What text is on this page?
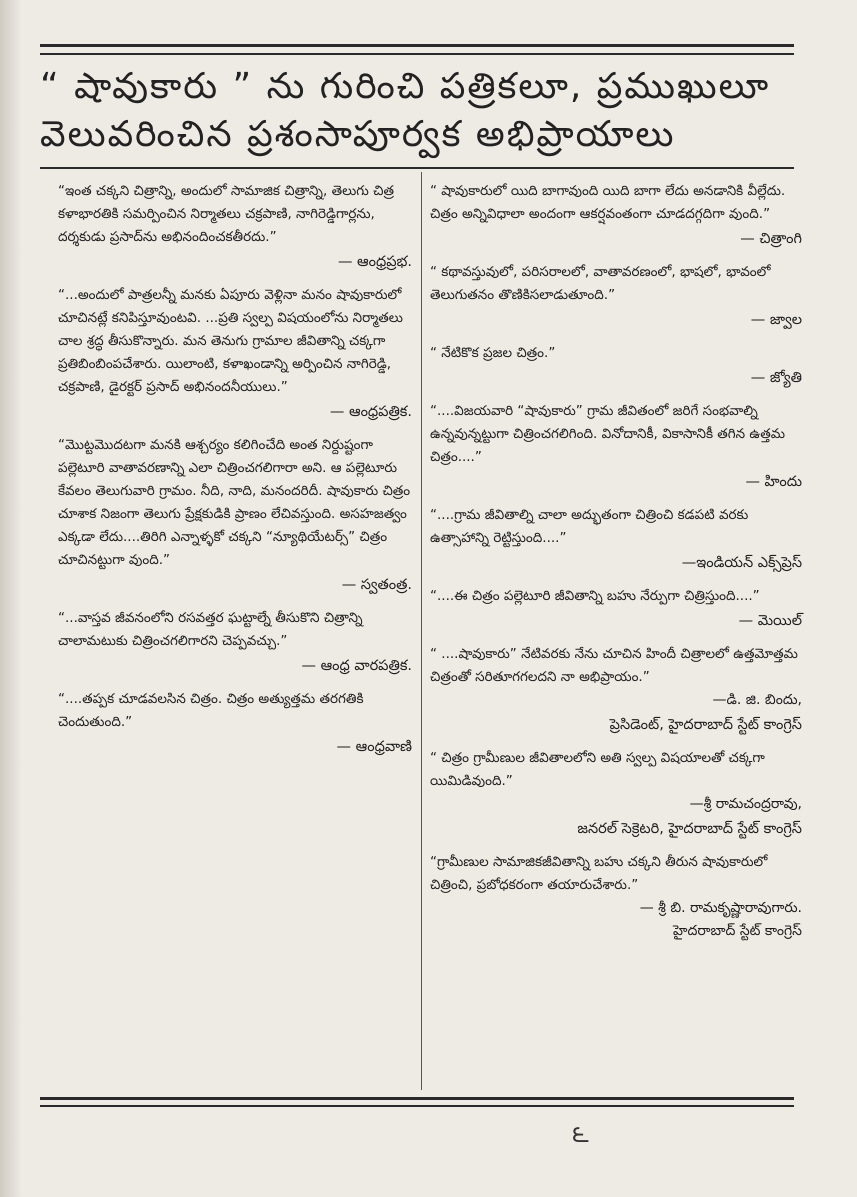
“ షావుకారు ” ను గురించి పత్రికలూ, ప్రముఖులూ
వెలువరించిన ప్రశంసాపూర్వక అభిప్రాయాలు

“ఇంత చక్కని చిత్రాన్ని, అందులో సామాజిక చిత్రాన్ని, తెలుగు చిత్ర కళాభారతికి సమర్పించిన నిర్మాతలు చక్రపాణి, నాగిరెడ్డిగార్లను, దర్శకుడు ప్రసాద్‌ను అభినందించకతీరదు.”

— ఆంధ్రప్రభ.

“...అందులో పాత్రలన్నీ మనకు ఏపూరు వెళ్లినా మనం షావుకారులో చూచినట్లే కనిపిస్తూవుంటవి. ...ప్రతి స్వల్ప విషయంలోను నిర్మాతలు చాల శ్రద్ధ తీసుకొన్నారు. మన తెనుగు గ్రామాల జీవితాన్ని చక్కగా ప్రతిబింబింపచేశారు. యిలాంటి, కళాఖండాన్ని అర్పించిన నాగిరెడ్డి, చక్రపాణి, డైరక్టర్ ప్రసాద్ అభినందనీయులు.”

— ఆంధ్రపత్రిక.

“మొట్టమొదటగా మనకి ఆశ్చర్యం కలిగించేది అంత నిర్దుష్టంగా పల్లెటూరి వాతావరణాన్ని ఎలా చిత్రించగలిగారా అని. ఆ పల్లెటూరు కేవలం తెలుగువారి గ్రామం. నీది, నాది, మనందరిదీ. షావుకారు చిత్రం చూశాక నిజంగా తెలుగు ప్రేక్షకుడికి ప్రాణం లేచివస్తుంది. అసహజత్వం ఎక్కడా లేదు....తిరిగి ఎన్నాళ్ళకో చక్కని “న్యూథియేటర్స్” చిత్రం చూచినట్టుగా వుంది.”

— స్వతంత్ర.

“...వాస్తవ జీవనంలోని రసవత్తర ఘట్టాల్నే తీసుకొని చిత్రాన్ని చాలామటుకు చిత్రించగలిగారని చెప్పవచ్చు.”

— ఆంధ్ర వారపత్రిక.

“....తప్పక చూడవలసిన చిత్రం. చిత్రం అత్యుత్తమ తరగతికి చెందుతుంది.”

— ఆంధ్రవాణి

“ షావుకారులో యిది బాగావుంది యిది బాగా లేదు అనడానికి వీల్లేదు. చిత్రం అన్నివిధాలా అందంగా ఆకర్షవంతంగా చూడదగ్గదిగా వుంది.”

— చిత్రాంగి

“ కథావస్తువులో, పరిసరాలలో, వాతావరణంలో, భాషలో, భావంలో తెలుగుతనం తొణికిసలాడుతూంది.”

— జ్వాల

“ నేటికొక ప్రజల చిత్రం.”

— జ్యోతి

“....విజయవారి “షావుకారు” గ్రామ జీవితంలో జరిగే సంభవాల్ని ఉన్నవున్నట్టుగా చిత్రించగలిగింది. వినోదానికీ, వికాసానికీ తగిన ఉత్తమ చిత్రం....”

— హిందు

“....గ్రామ జీవితాల్ని చాలా అద్భుతంగా చిత్రించి కడపటి వరకు ఉత్సాహాన్ని రెట్టిస్తుంది....”

—ఇండియన్ ఎక్స్‌ప్రెస్

“....ఈ చిత్రం పల్లెటూరి జీవితాన్ని బహు నేర్పుగా చిత్రిస్తుంది....”

— మెయిల్

“ ....షావుకారు” నేటివరకు నేను చూచిన హిందీ చిత్రాలలో ఉత్తమోత్తమ చిత్రంతో సరితూగగలదని నా అభిప్రాయం.”

—డి. జి. బిందు,

ప్రెసిడెంట్, హైదరాబాద్ స్టేట్ కాంగ్రెస్

“ చిత్రం గ్రామీణుల జీవితాలలోని అతి స్వల్ప విషయాలతో చక్కగా యిమిడివుంది.”

—శ్రీ రామచంద్రరావు,

జనరల్ సెక్రెటరి, హైదరాబాద్ స్టేట్ కాంగ్రెస్

“గ్రామీణుల సామాజికజీవితాన్ని బహు చక్కని తీరున షావుకారులో చిత్రించి, ప్రబోధకరంగా తయారుచేశారు.”

— శ్రీ బి. రామకృష్ణారావుగారు.

హైదరాబాద్ స్టేట్ కాంగ్రెస్

౬
